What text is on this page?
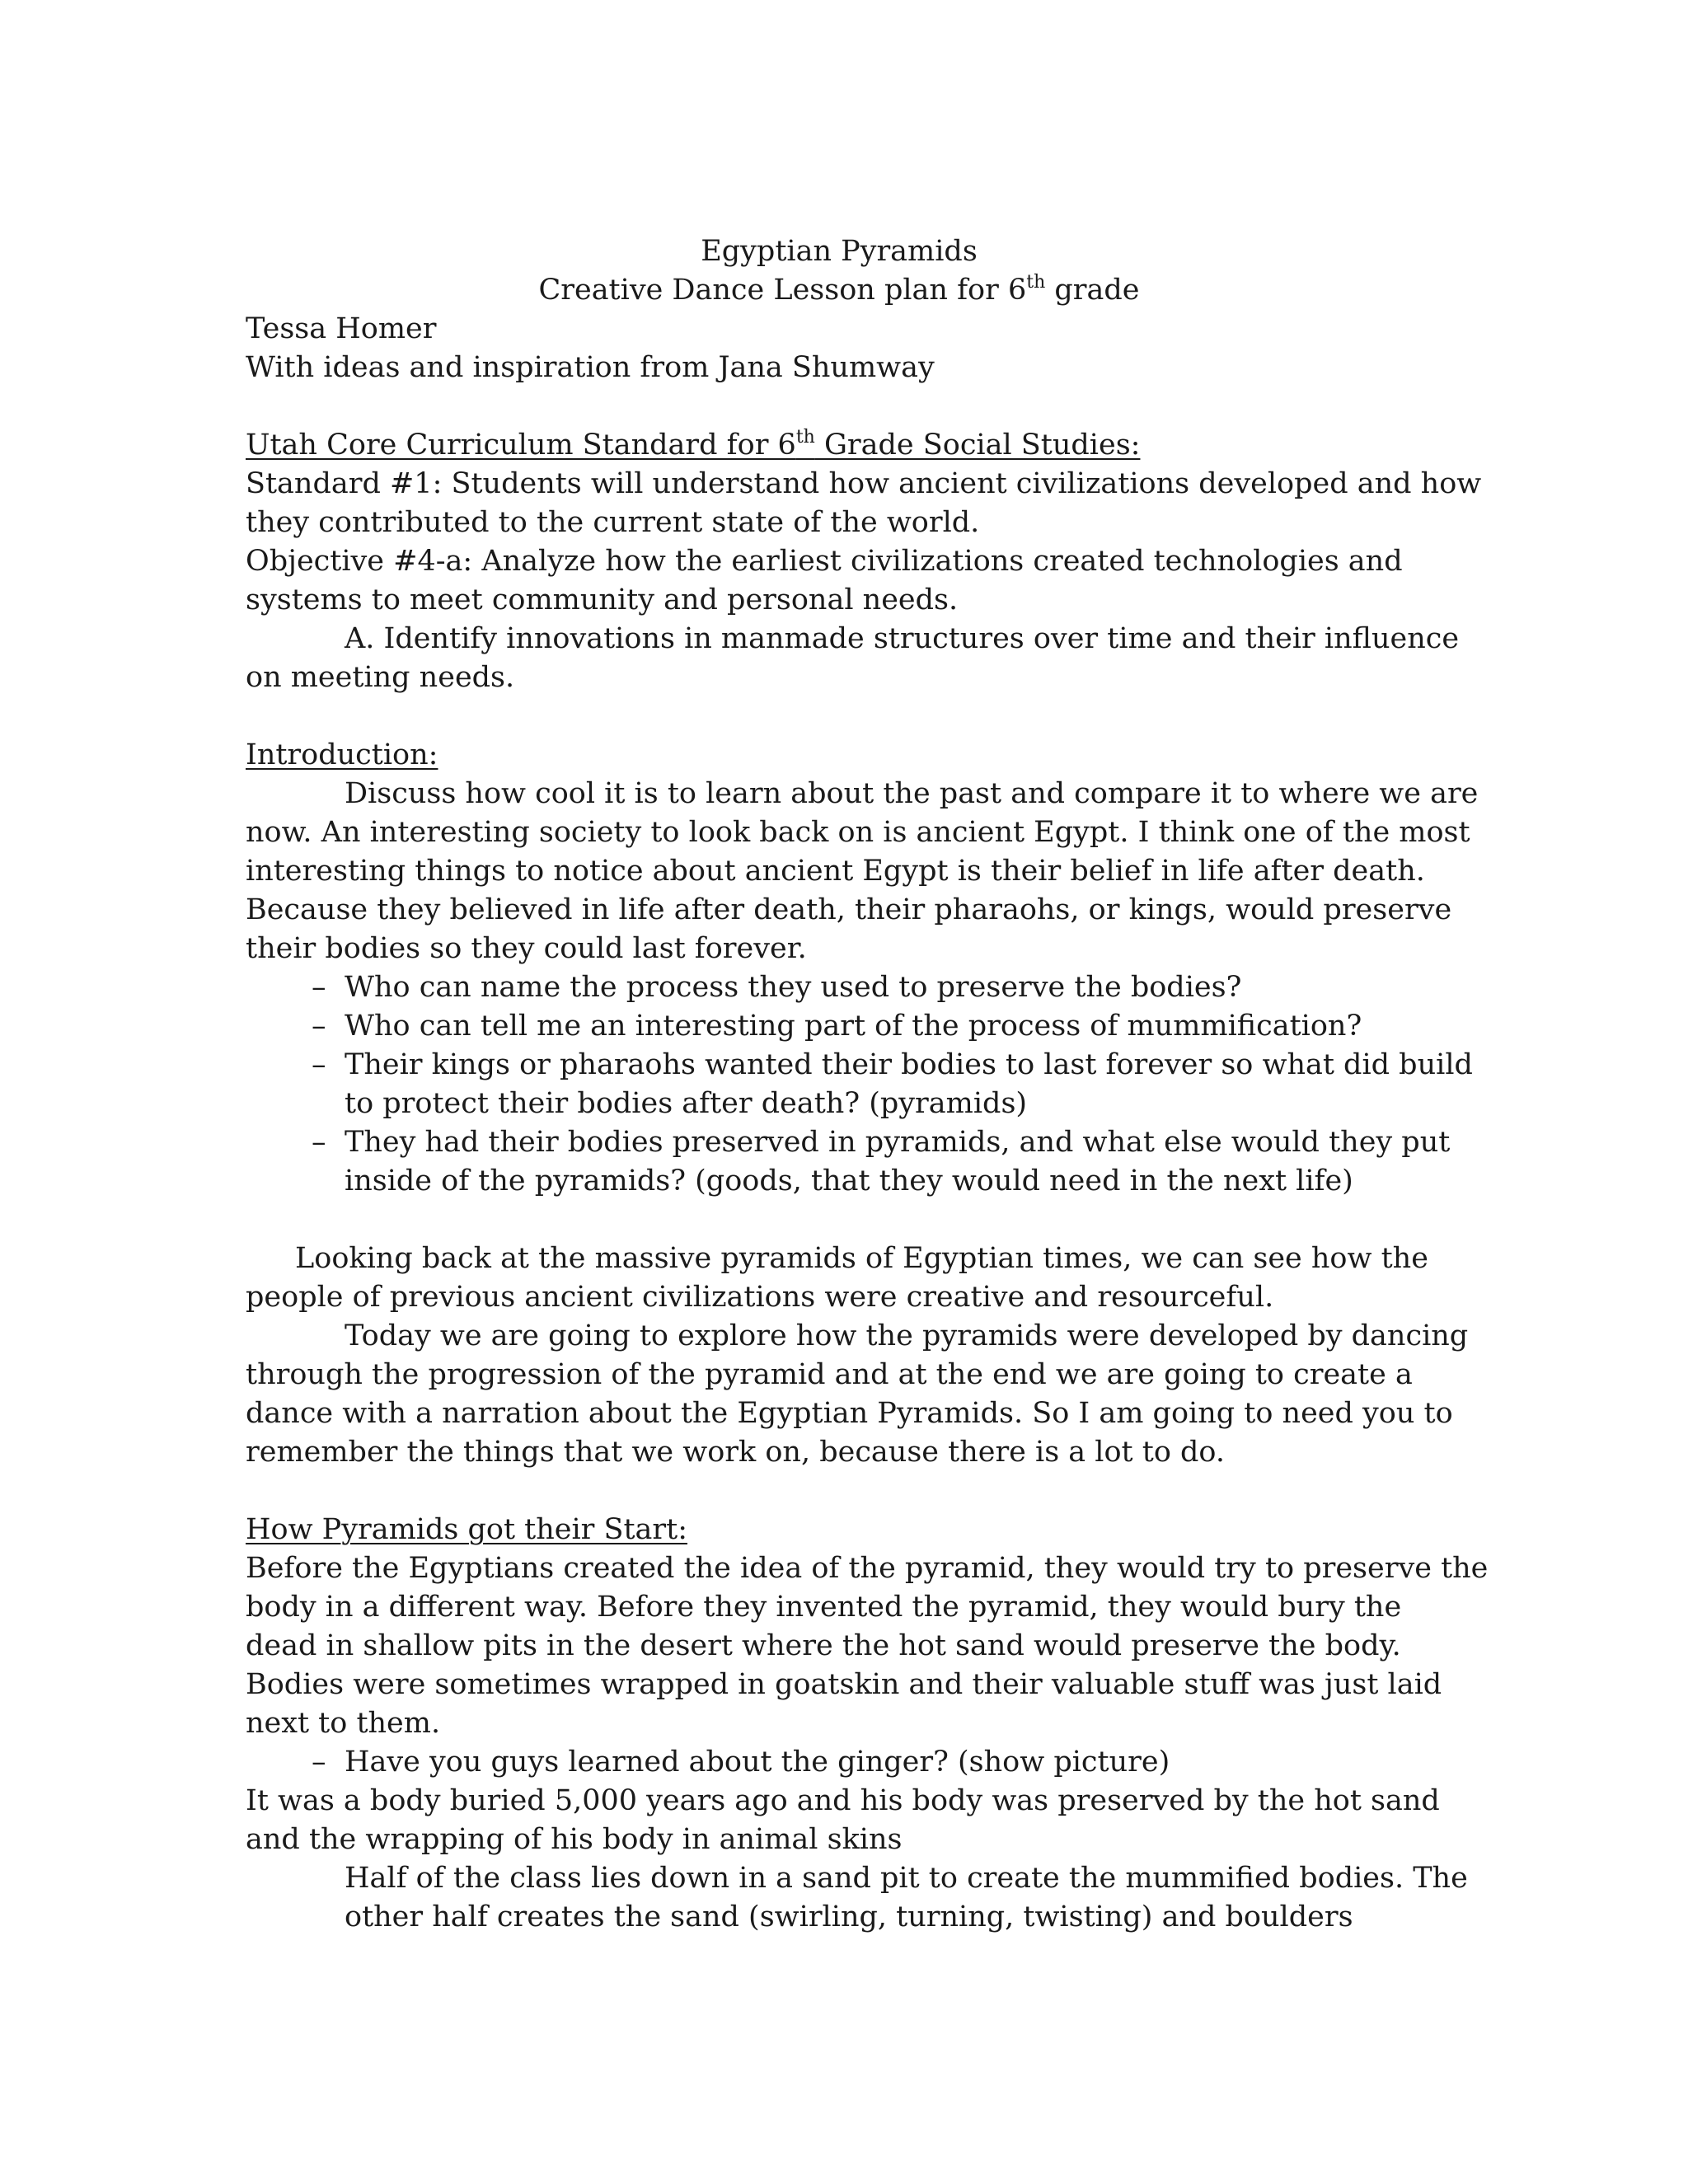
Egyptian Pyramids
Creative Dance Lesson plan for 6th grade
Tessa Homer
With ideas and inspiration from Jana Shumway
Utah Core Curriculum Standard for 6th Grade Social Studies:
Standard #1: Students will understand how ancient civilizations developed and how
they contributed to the current state of the world.
Objective #4-a: Analyze how the earliest civilizations created technologies and
systems to meet community and personal needs.
A. Identify innovations in manmade structures over time and their influence
on meeting needs.
Introduction:
Discuss how cool it is to learn about the past and compare it to where we are
now. An interesting society to look back on is ancient Egypt. I think one of the most
interesting things to notice about ancient Egypt is their belief in life after death.
Because they believed in life after death, their pharaohs, or kings, would preserve
their bodies so they could last forever.
– Who can name the process they used to preserve the bodies?
– Who can tell me an interesting part of the process of mummification?
– Their kings or pharaohs wanted their bodies to last forever so what did build
to protect their bodies after death? (pyramids)
– They had their bodies preserved in pyramids, and what else would they put
inside of the pyramids? (goods, that they would need in the next life)
Looking back at the massive pyramids of Egyptian times, we can see how the
people of previous ancient civilizations were creative and resourceful.
Today we are going to explore how the pyramids were developed by dancing
through the progression of the pyramid and at the end we are going to create a
dance with a narration about the Egyptian Pyramids. So I am going to need you to
remember the things that we work on, because there is a lot to do.
How Pyramids got their Start:
Before the Egyptians created the idea of the pyramid, they would try to preserve the
body in a different way. Before they invented the pyramid, they would bury the
dead in shallow pits in the desert where the hot sand would preserve the body.
Bodies were sometimes wrapped in goatskin and their valuable stuff was just laid
next to them.
– Have you guys learned about the ginger? (show picture)
It was a body buried 5,000 years ago and his body was preserved by the hot sand
and the wrapping of his body in animal skins
Half of the class lies down in a sand pit to create the mummified bodies. The
other half creates the sand (swirling, turning, twisting) and boulders
